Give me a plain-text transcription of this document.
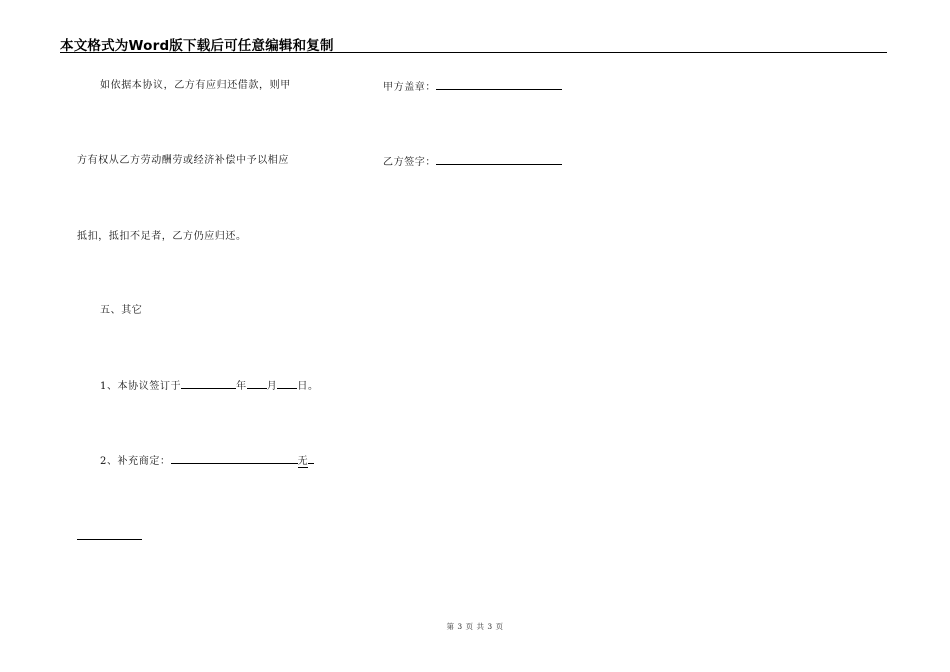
本文格式为Word版下载后可任意编辑和复制
如依据本协议，乙方有应归还借款，则甲
方有权从乙方劳动酬劳或经济补偿中予以相应
抵扣，抵扣不足者，乙方仍应归还。
五、其它
1、本协议签订于	年 月 日。
2、补充商定：	无
甲方盖章：
乙方签字：
第 3 页 共 3 页
